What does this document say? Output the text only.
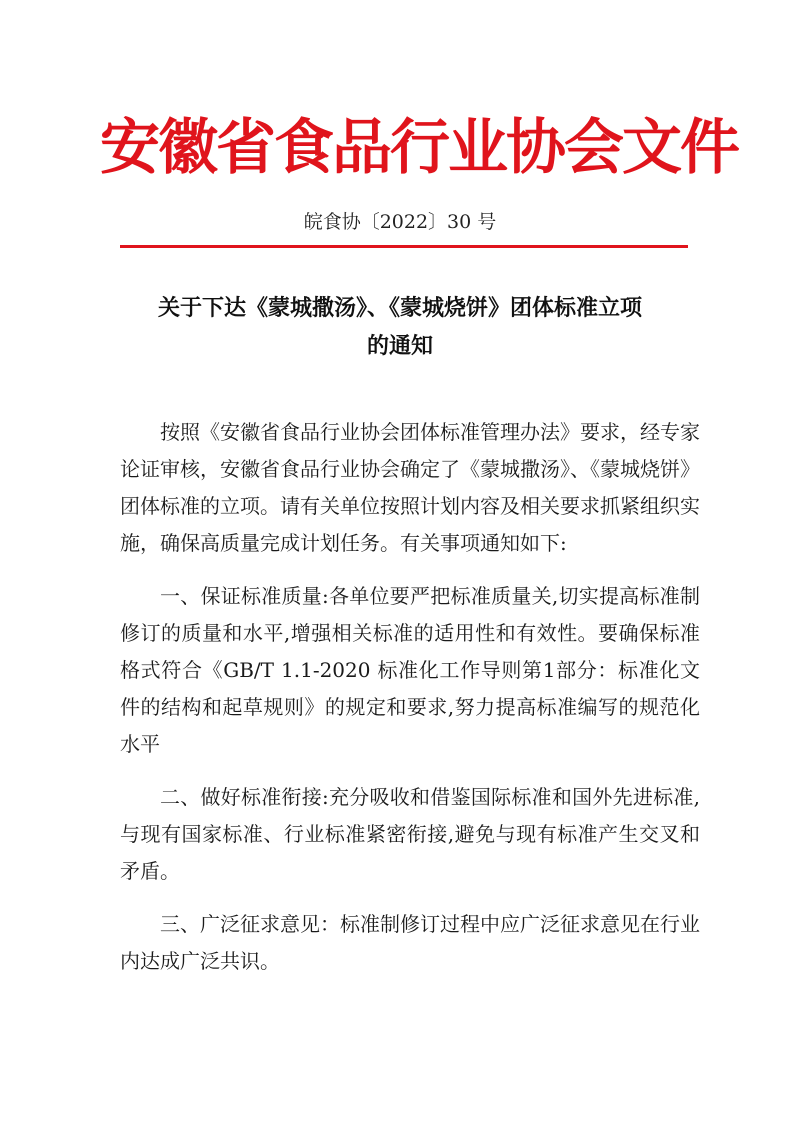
安徽省食品行业协会文件
皖食协〔2022〕30 号
关于下达《蒙城撒汤》、《蒙城烧饼》团体标准立项
的通知

按照《安徽省食品行业协会团体标准管理办法》要求，经专家论证审核，安徽省食品行业协会确定了《蒙城撒汤》、《蒙城烧饼》团体标准的立项。请有关单位按照计划内容及相关要求抓紧组织实施，确保高质量完成计划任务。有关事项通知如下:

一、保证标准质量:各单位要严把标准质量关,切实提高标准制修订的质量和水平,增强相关标准的适用性和有效性。要确保标准格式符合《GB/T 1.1-2020 标准化工作导则第1部分：标准化文件的结构和起草规则》的规定和要求,努力提高标准编写的规范化水平

二、做好标准衔接:充分吸收和借鉴国际标准和国外先进标准,与现有国家标准、行业标准紧密衔接,避免与现有标准产生交叉和矛盾。

三、广泛征求意见：标准制修订过程中应广泛征求意见在行业内达成广泛共识。
